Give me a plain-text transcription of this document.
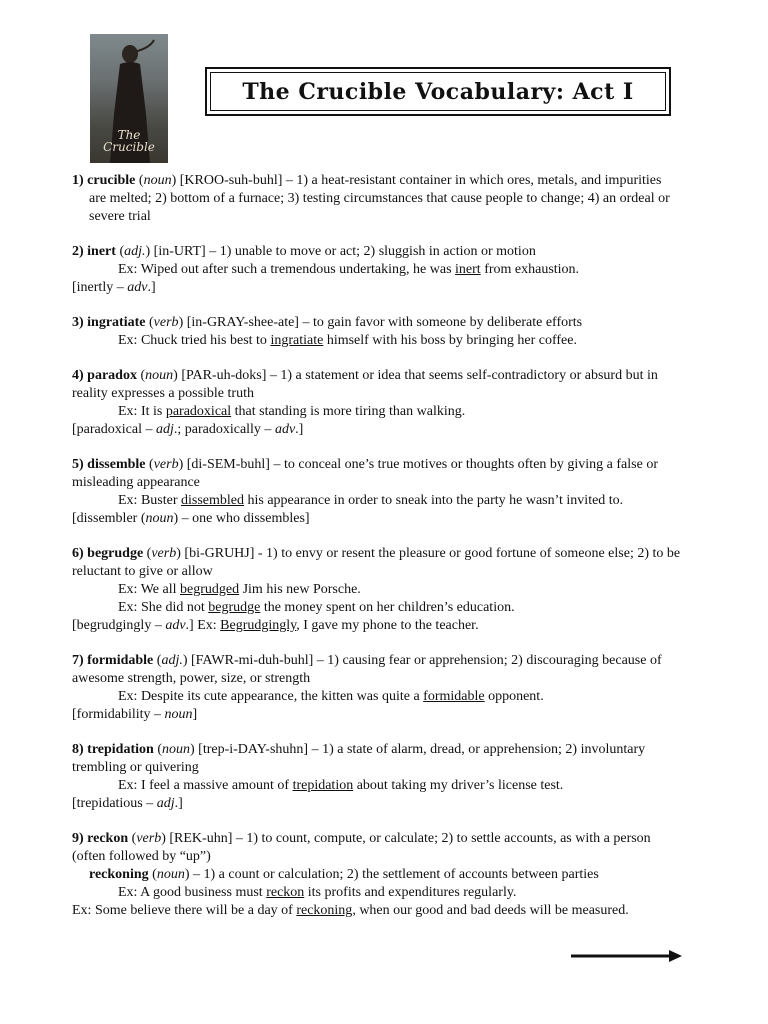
The Crucible
The Crucible Vocabulary: Act I

1) crucible (noun) [KROO-suh-buhl] – 1) a heat-resistant container in which ores, metals, and impurities are melted; 2) bottom of a furnace; 3) testing circumstances that cause people to change; 4) an ordeal or severe trial

2) inert (adj.) [in-URT] – 1) unable to move or act; 2) sluggish in action or motion

Ex: Wiped out after such a tremendous undertaking, he was inert from exhaustion.

[inertly – adv.]

3) ingratiate (verb) [in-GRAY-shee-ate] – to gain favor with someone by deliberate efforts

Ex: Chuck tried his best to ingratiate himself with his boss by bringing her coffee.

4) paradox (noun) [PAR-uh-doks] – 1) a statement or idea that seems self-contradictory or absurd but in reality expresses a possible truth

Ex: It is paradoxical that standing is more tiring than walking.

[paradoxical – adj.; paradoxically – adv.]

5) dissemble (verb) [di-SEM-buhl] – to conceal one’s true motives or thoughts often by giving a false or misleading appearance

Ex: Buster dissembled his appearance in order to sneak into the party he wasn’t invited to.

[dissembler (noun) – one who dissembles]

6) begrudge (verb) [bi-GRUHJ] - 1) to envy or resent the pleasure or good fortune of someone else; 2) to be reluctant to give or allow

Ex: We all begrudged Jim his new Porsche.

Ex: She did not begrudge the money spent on her children’s education.

[begrudgingly – adv.] Ex: Begrudgingly, I gave my phone to the teacher.

7) formidable (adj.) [FAWR-mi-duh-buhl] – 1) causing fear or apprehension; 2) discouraging because of awesome strength, power, size, or strength

Ex: Despite its cute appearance, the kitten was quite a formidable opponent.

[formidability – noun]

8) trepidation (noun) [trep-i-DAY-shuhn] – 1) a state of alarm, dread, or apprehension; 2) involuntary trembling or quivering

Ex: I feel a massive amount of trepidation about taking my driver’s license test.

[trepidatious – adj.]

9) reckon (verb) [REK-uhn] – 1) to count, compute, or calculate; 2) to settle accounts, as with a person (often followed by “up”)

reckoning (noun) – 1) a count or calculation; 2) the settlement of accounts between parties

Ex: A good business must reckon its profits and expenditures regularly.

Ex: Some believe there will be a day of reckoning, when our good and bad deeds will be measured.
